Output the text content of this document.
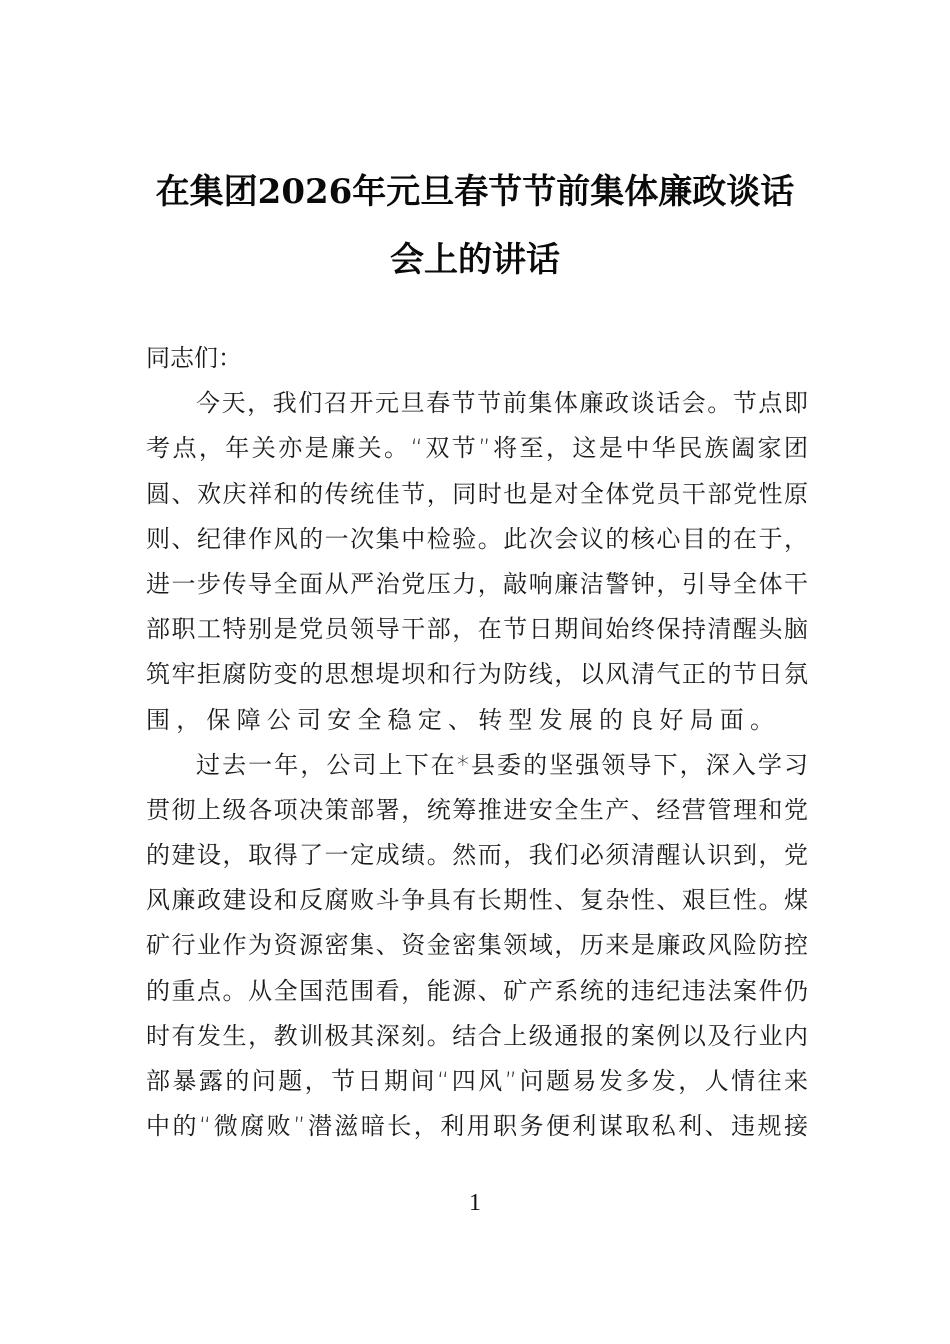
在集团2026年元旦春节节前集体廉政谈话
会上的讲话
同志们：
今天，我们召开元旦春节节前集体廉政谈话会。节点即
考点，年关亦是廉关。“双节”将至，这是中华民族阖家团
圆、欢庆祥和的传统佳节，同时也是对全体党员干部党性原
则、纪律作风的一次集中检验。此次会议的核心目的在于，
进一步传导全面从严治党压力，敲响廉洁警钟，引导全体干
部职工特别是党员领导干部，在节日期间始终保持清醒头脑
筑牢拒腐防变的思想堤坝和行为防线，以风清气正的节日氛
围，保障公司安全稳定、转型发展的良好局面。
过去一年，公司上下在*县委的坚强领导下，深入学习
贯彻上级各项决策部署，统筹推进安全生产、经营管理和党
的建设，取得了一定成绩。然而，我们必须清醒认识到，党
风廉政建设和反腐败斗争具有长期性、复杂性、艰巨性。煤
矿行业作为资源密集、资金密集领域，历来是廉政风险防控
的重点。从全国范围看，能源、矿产系统的违纪违法案件仍
时有发生，教训极其深刻。结合上级通报的案例以及行业内
部暴露的问题，节日期间“四风”问题易发多发，人情往来
中的“微腐败”潜滋暗长，利用职务便利谋取私利、违规接
1
